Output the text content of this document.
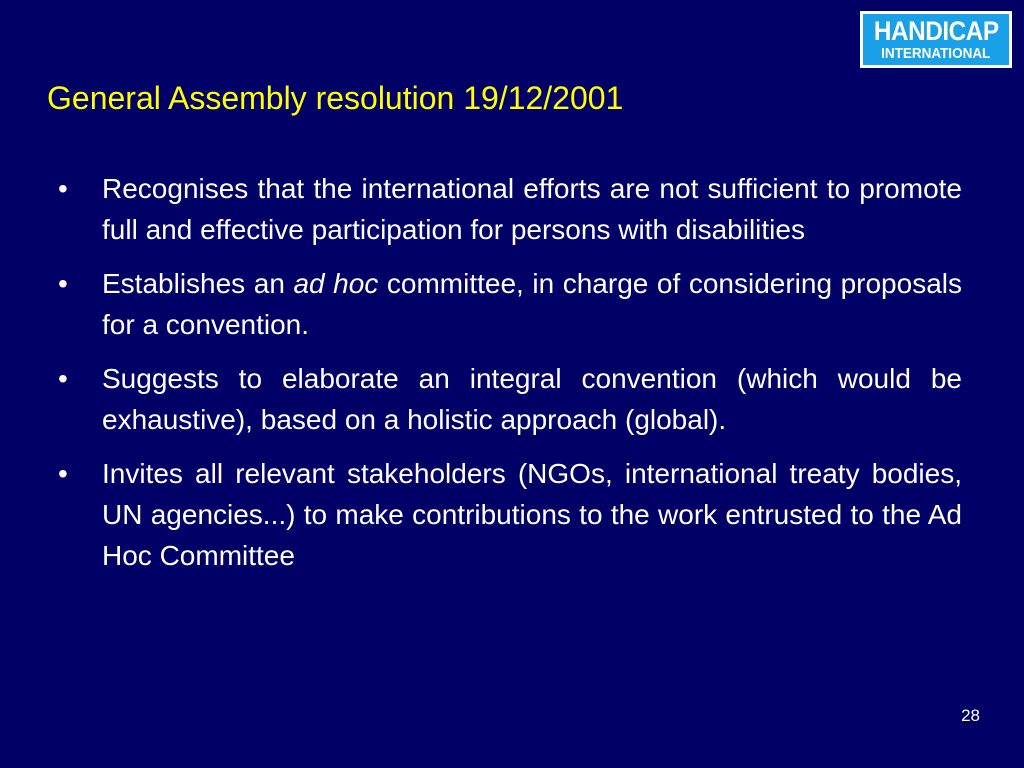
HANDICAP
INTERNATIONAL
General Assembly resolution 19/12/2001
•	Recognises that the international efforts are not sufficient to promote full and effective participation for persons with disabilities
•	Establishes an ad hoc committee, in charge of considering proposals for a convention.
•	Suggests to elaborate an integral convention (which would be exhaustive), based on a holistic approach (global).
•	Invites all relevant stakeholders (NGOs, international treaty bodies, UN agencies...) to make contributions to the work entrusted to the Ad Hoc Committee
28
